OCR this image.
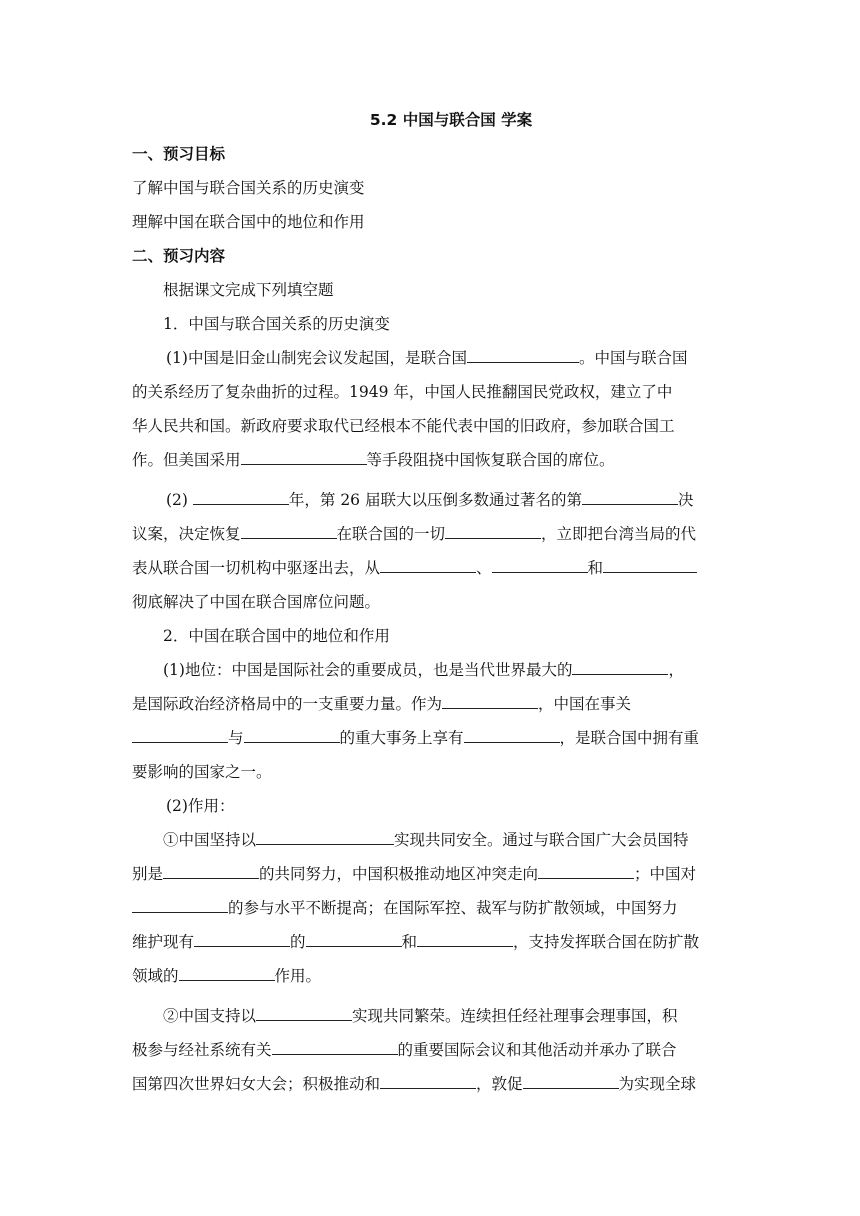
5.2 中国与联合国 学案
一、预习目标
了解中国与联合国关系的历史演变
理解中国在联合国中的地位和作用
二、预习内容
根据课文完成下列填空题
1．中国与联合国关系的历史演变
(1)中国是旧金山制宪会议发起国，是联合国	。中国与联合国
的关系经历了复杂曲折的过程。1949 年，中国人民推翻国民党政权，建立了中
华人民共和国。新政府要求取代已经根本不能代表中国的旧政府，参加联合国工
作。但美国采用	等手段阻挠中国恢复联合国的席位。
(2)	年，第 26 届联大以压倒多数通过著名的第	决
议案，决定恢复	在联合国的一切	，立即把台湾当局的代
表从联合国一切机构中驱逐出去，从	、	和
彻底解决了中国在联合国席位问题。
2．中国在联合国中的地位和作用
(1)地位：中国是国际社会的重要成员，也是当代世界最大的	，
是国际政治经济格局中的一支重要力量。作为	，中国在事关
与	的重大事务上享有	，是联合国中拥有重
要影响的国家之一。
(2)作用：
①中国坚持以	实现共同安全。通过与联合国广大会员国特
别是	的共同努力，中国积极推动地区冲突走向	；中国对
的参与水平不断提高；在国际军控、裁军与防扩散领域，中国努力
维护现有	的	和	，支持发挥联合国在防扩散
领域的	作用。
②中国支持以	实现共同繁荣。连续担任经社理事会理事国，积
极参与经社系统有关	的重要国际会议和其他活动并承办了联合
国第四次世界妇女大会；积极推动和	，敦促	为实现全球
